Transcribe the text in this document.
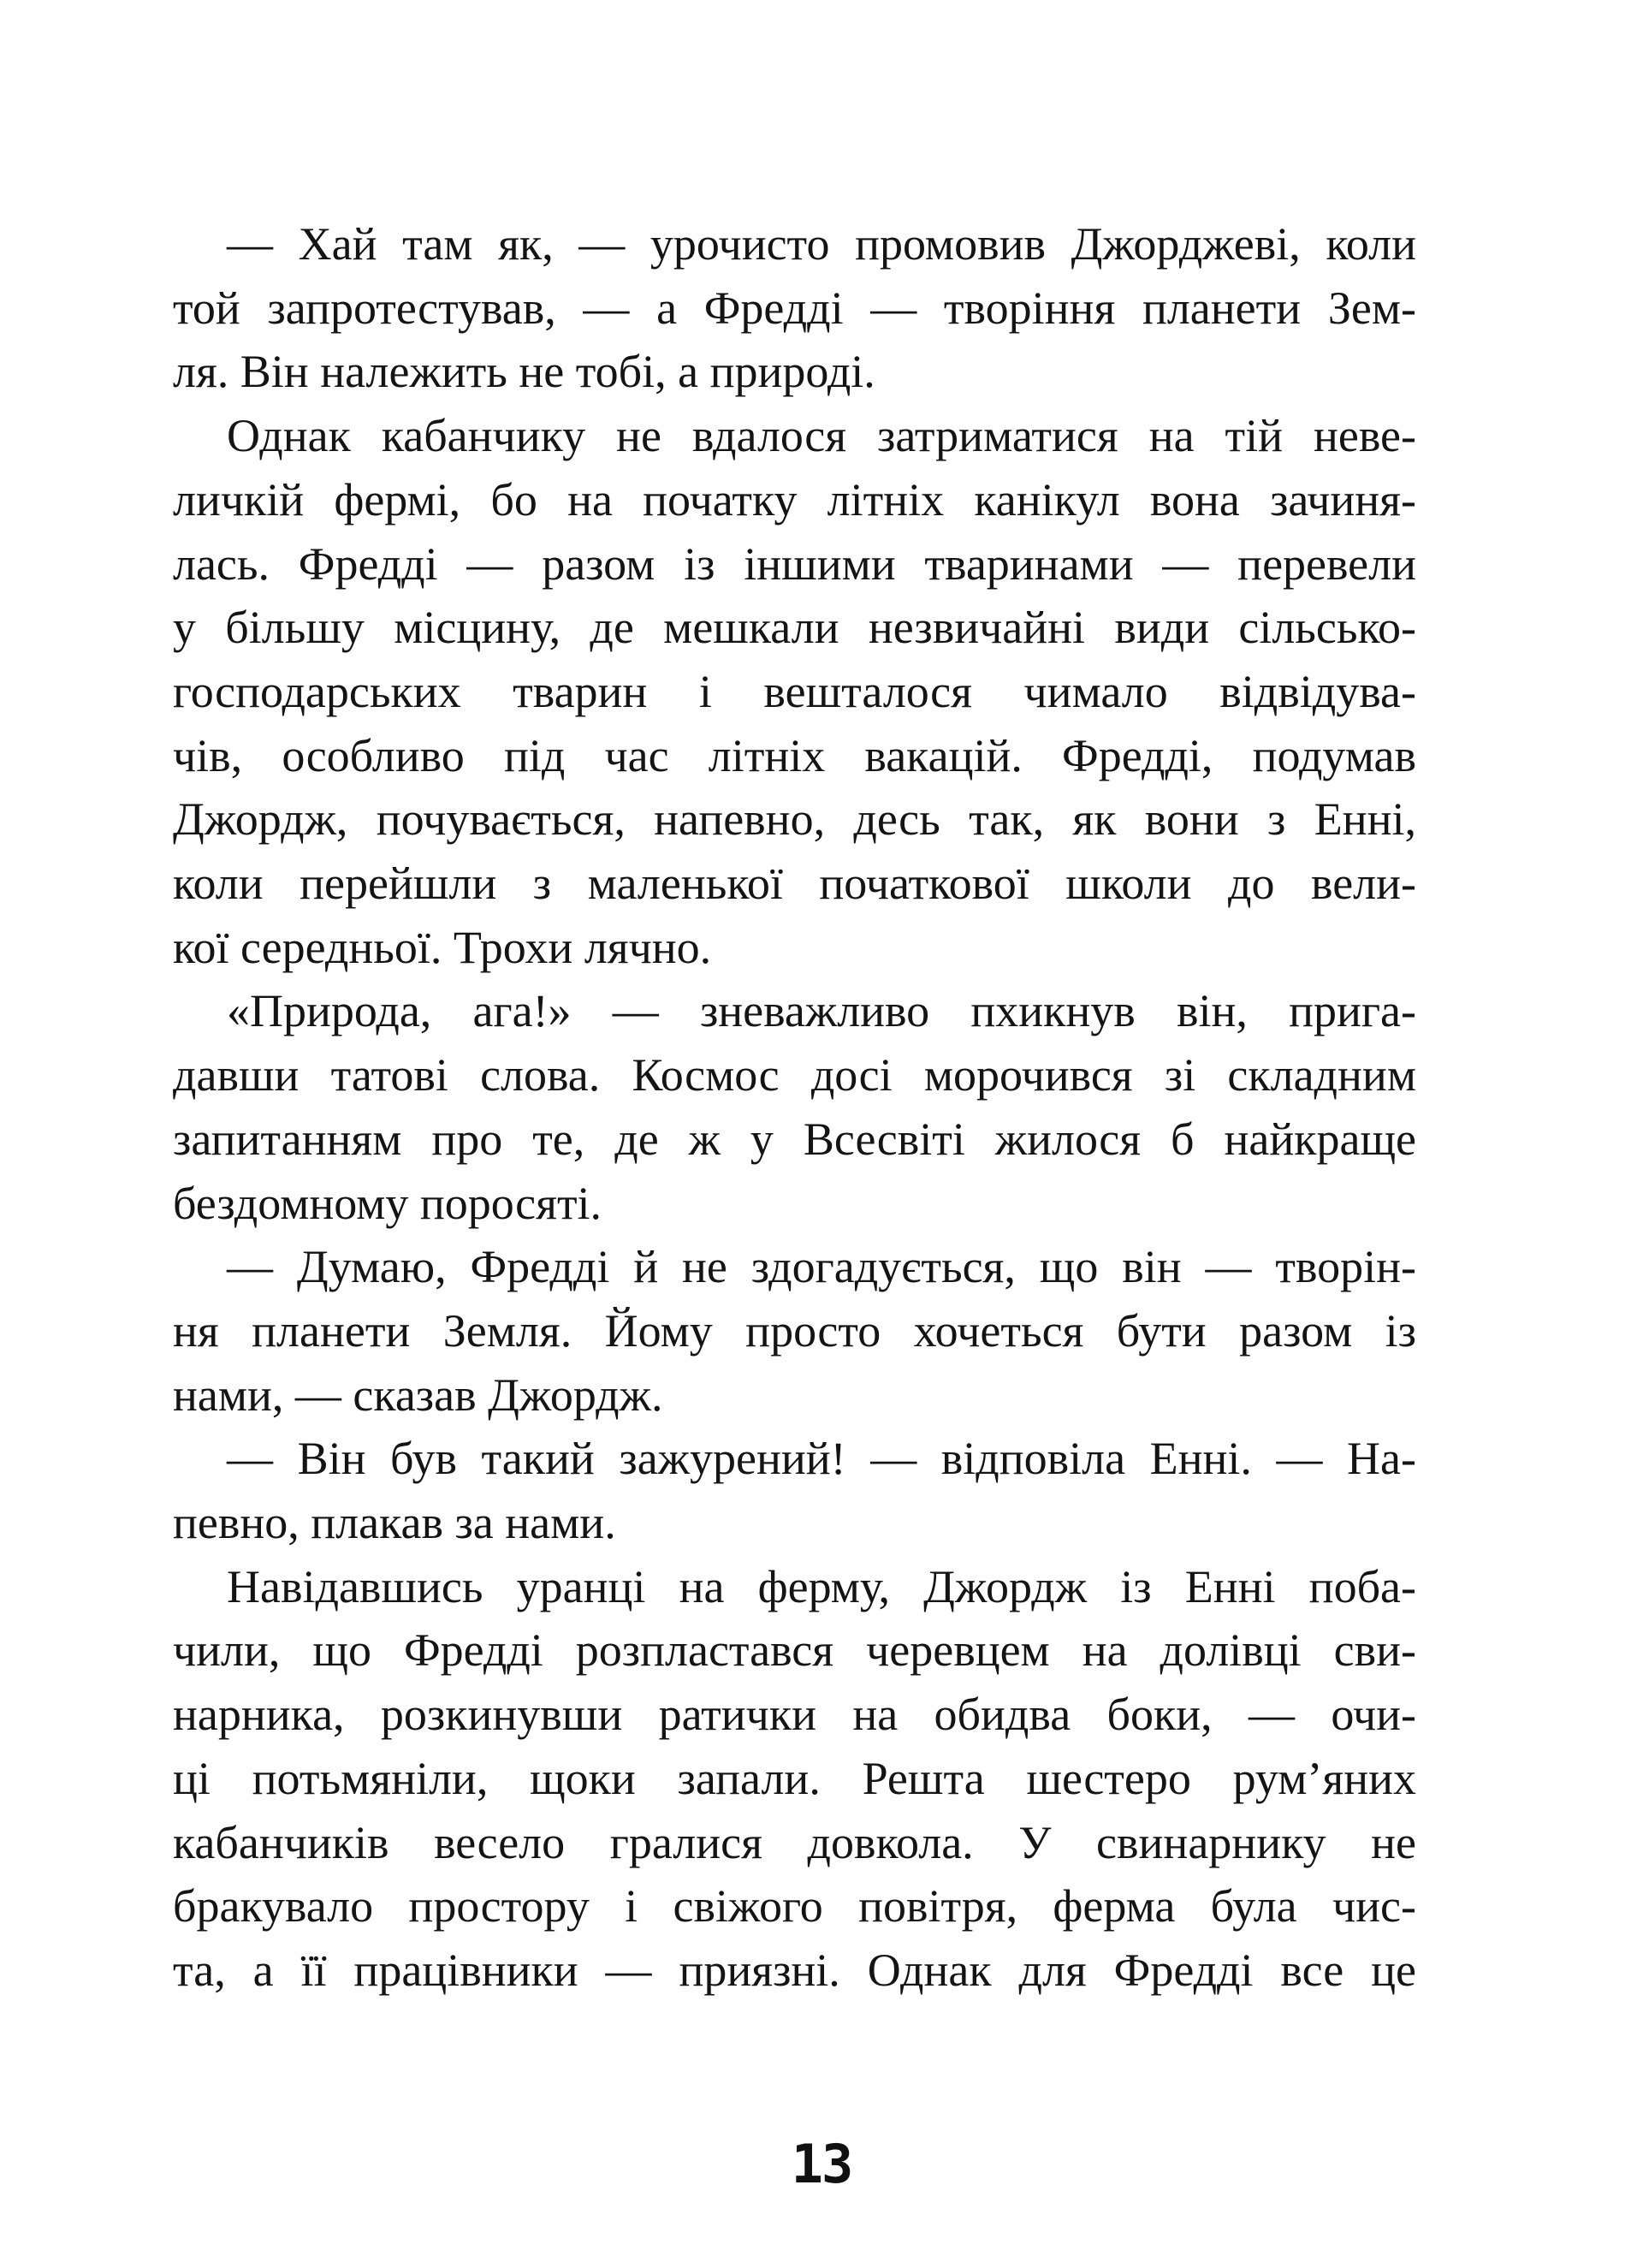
— Хай там як, — урочисто промовив Джорджеві, коли
той запротестував, — а Фредді — творіння планети Зем-
ля. Він належить не тобі, а природі.
Однак кабанчику не вдалося затриматися на тій неве-
личкій фермі, бо на початку літніх канікул вона зачиня-
лась. Фредді — разом із іншими тваринами — перевели
у більшу місцину, де мешкали незвичайні види сільсько-
господарських тварин і вешталося чимало відвідува-
чів, особливо під час літніх вакацій. Фредді, подумав
Джордж, почувається, напевно, десь так, як вони з Енні,
коли перейшли з маленької початкової школи до вели-
кої середньої. Трохи лячно.
«Природа, ага!» — зневажливо пхикнув він, прига-
давши татові слова. Космос досі морочився зі складним
запитанням про те, де ж у Всесвіті жилося б найкраще
бездомному поросяті.
— Думаю, Фредді й не здогадується, що він — творін-
ня планети Земля. Йому просто хочеться бути разом із
нами, — сказав Джордж.
— Він був такий зажурений! — відповіла Енні. — На-
певно, плакав за нами.
Навідавшись уранці на ферму, Джордж із Енні поба-
чили, що Фредді розпластався черевцем на долівці сви-
нарника, розкинувши ратички на обидва боки, — очи-
ці потьмяніли, щоки запали. Решта шестеро рум’яних
кабанчиків весело гралися довкола. У свинарнику не
бракувало простору і свіжого повітря, ферма була чис-
та, а її працівники — приязні. Однак для Фредді все це
13
